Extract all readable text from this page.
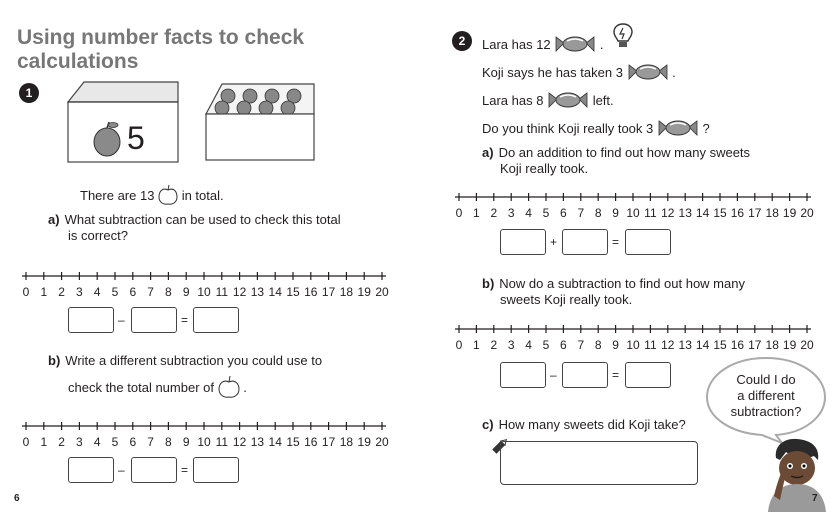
Using number facts to check
calculations
1
5
There are 13 in total.
a) What subtraction can be used to check this total
is correct?
0 1 2 3 4 5 6 7 8 9 10 11 12 13 14 15 16 17 18 19 20
–	=
b) Write a different subtraction you could use to
check the total number of .
0 1 2 3 4 5 6 7 8 9 10 11 12 13 14 15 16 17 18 19 20
–	=
6
2	Lara has 12	.
Koji says he has taken 3	.
Lara has 8	left.
Do you think Koji really took 3	?
a) Do an addition to find out how many sweets
Koji really took.
0 1 2 3 4 5 6 7 8 9 10 11 12 13 14 15 16 17 18 19 20
+	=
b) Now do a subtraction to find out how many
sweets Koji really took.
0 1 2 3 4 5 6 7 8 9 10 11 12 13 14 15 16 17 18 19 20
–	=
c) How many sweets did Koji take?
Could I do
a different
subtraction?
7
